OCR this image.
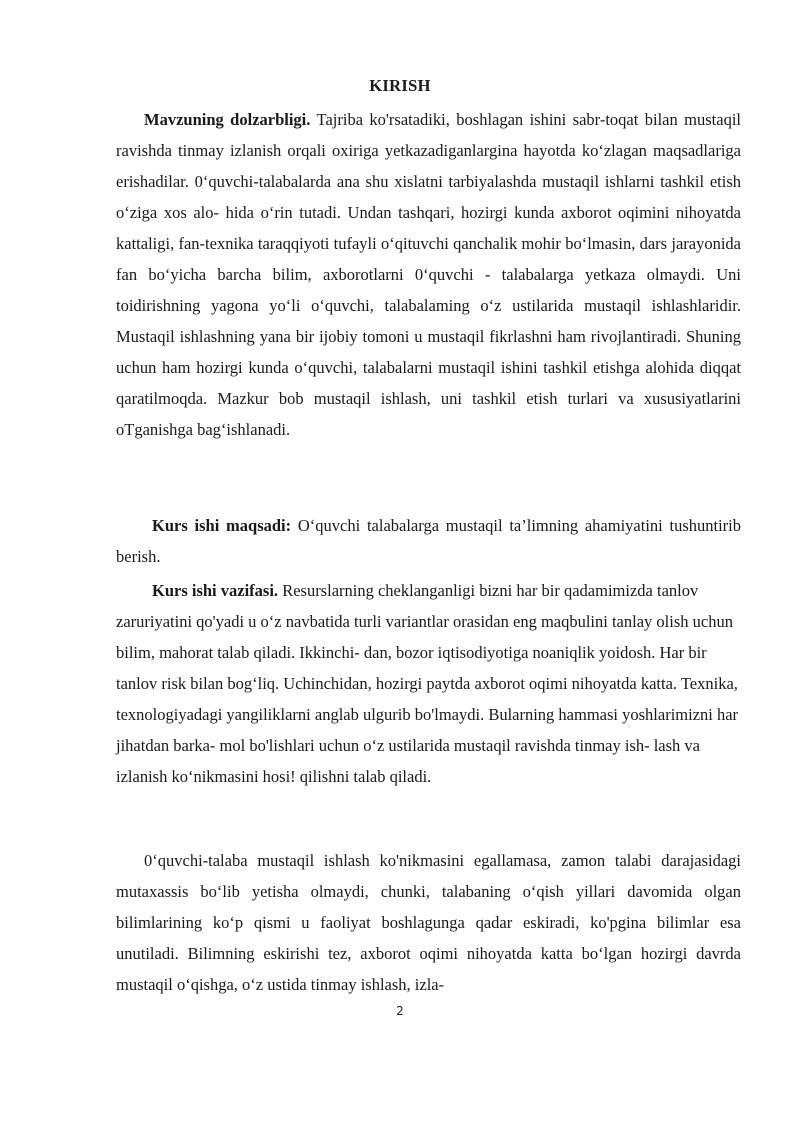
KIRISH

Mavzuning dolzarbligi. Tajriba ko'rsatadiki, boshlagan ishini sabr-toqat bilan mustaqil ravishda tinmay izlanish orqali oxiriga yetkazadiganlargina hayotda ko‘zlagan maqsadlariga erishadilar. 0‘quvchi-talabalarda ana shu xislatni tarbiyalashda mustaqil ishlarni tashkil etish o‘ziga xos alo- hida o‘rin tutadi. Undan tashqari, hozirgi kunda axborot oqimini nihoyatda kattaligi, fan-texnika taraqqiyoti tufayli o‘qituvchi qanchalik mohir bo‘lmasin, dars jarayonida fan bo‘yicha barcha bilim, axborotlarni 0‘quvchi - talabalarga yetkaza olmaydi. Uni toidirishning yagona yo‘li o‘quvchi, talabalaming o‘z ustilarida mustaqil ishlashlaridir. Mustaqil ishlashning yana bir ijobiy tomoni u mustaqil fikrlashni ham rivojlantiradi. Shuning uchun ham hozirgi kunda o‘quvchi, talabalarni mustaqil ishini tashkil etishga alohida diqqat qaratilmoqda. Mazkur bob mustaqil ishlash, uni tashkil etish turlari va xususiyatlarini oTganishga bag‘ishlanadi.

Kurs ishi maqsadi: O‘quvchi talabalarga mustaqil ta’limning ahamiyatini tushuntirib berish.

Kurs ishi vazifasi. Resurslarning cheklanganligi bizni har bir qadamimizda tanlov zaruriyatini qo'yadi u o‘z navbatida turli variantlar orasidan eng maqbulini tanlay olish uchun bilim, mahorat talab qiladi. Ikkinchi- dan, bozor iqtisodiyotiga noaniqlik yoidosh. Har bir tanlov risk bilan bog‘liq. Uchinchidan, hozirgi paytda axborot oqimi nihoyatda katta. Texnika, texnologiyadagi yangiliklarni anglab ulgurib bo'lmaydi. Bularning hammasi yoshlarimizni har jihatdan barka- mol bo'lishlari uchun o‘z ustilarida mustaqil ravishda tinmay ish- lash va izlanish ko‘nikmasini hosi! qilishni talab qiladi.

0‘quvchi-talaba mustaqil ishlash ko'nikmasini egallamasa, zamon talabi darajasidagi mutaxassis bo‘lib yetisha olmaydi, chunki, talabaning o‘qish yillari davomida olgan bilimlarining ko‘p qismi u faoliyat boshlagunga qadar eskiradi, ko'pgina bilimlar esa unutiladi. Bilimning eskirishi tez, axborot oqimi nihoyatda katta bo‘lgan hozirgi davrda mustaqil o‘qishga, o‘z ustida tinmay ishlash, izla-

2
